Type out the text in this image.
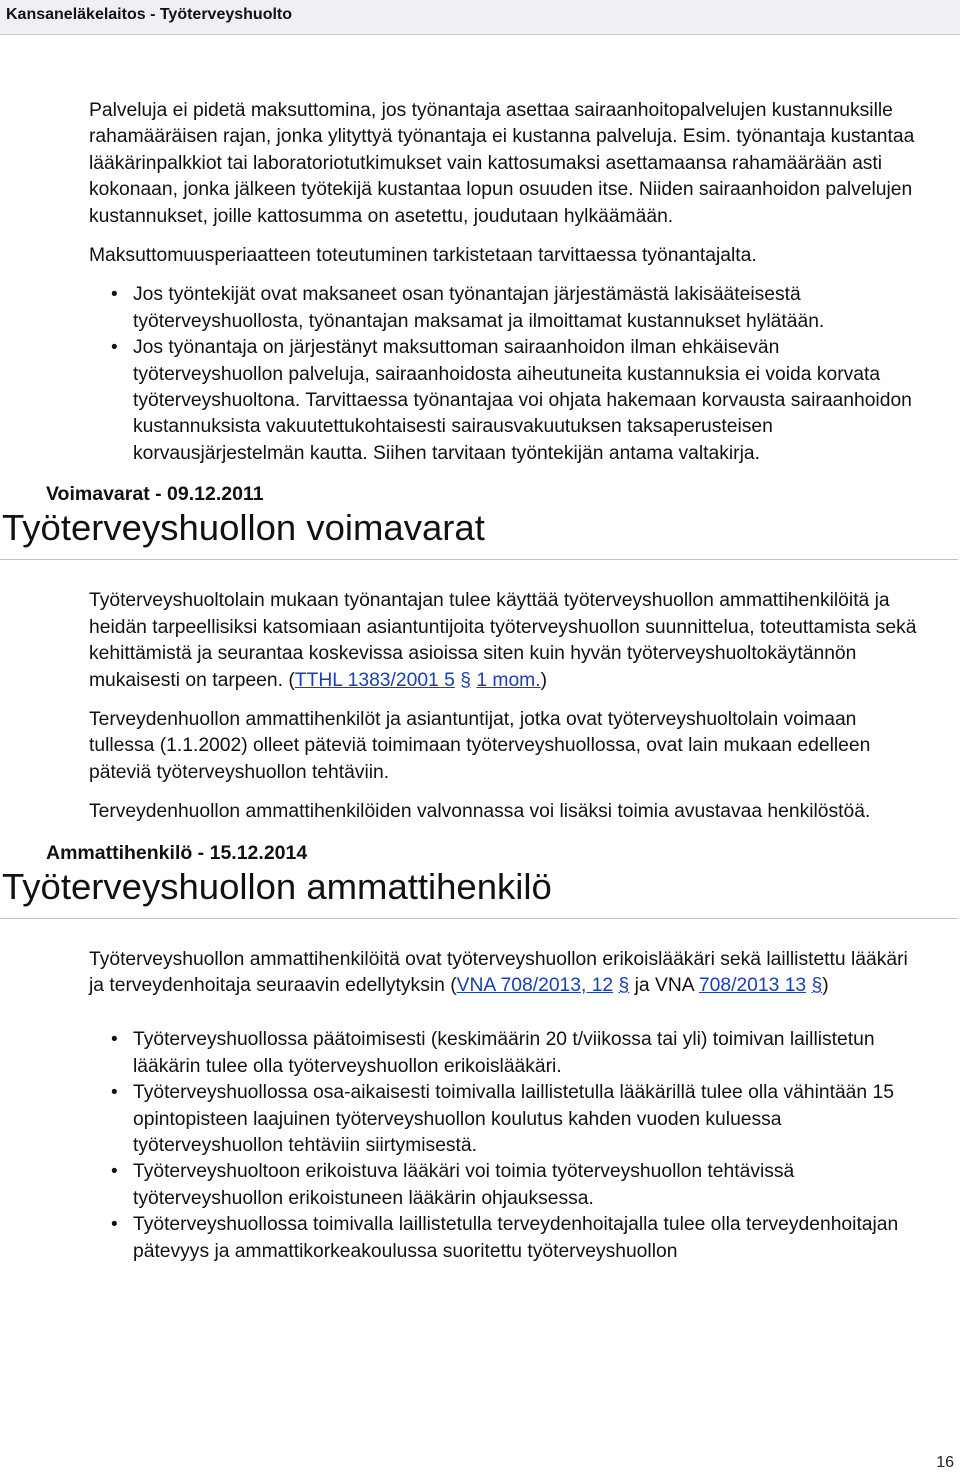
Kansaneläkelaitos - Työterveyshuolto

Palveluja ei pidetä maksuttomina, jos työnantaja asettaa sairaanhoitopalvelujen kustannuksille rahamääräisen rajan, jonka ylityttyä työnantaja ei kustanna palveluja. Esim. työnantaja kustantaa lääkärinpalkkiot tai laboratoriotutkimukset vain kattosumaksi asettamaansa rahamäärään asti kokonaan, jonka jälkeen työtekijä kustantaa lopun osuuden itse. Niiden sairaanhoidon palvelujen kustannukset, joille kattosumma on asetettu, joudutaan hylkäämään.

Maksuttomuusperiaatteen toteutuminen tarkistetaan tarvittaessa työnantajalta.

• Jos työntekijät ovat maksaneet osan työnantajan järjestämästä lakisääteisestä työterveyshuollosta, työnantajan maksamat ja ilmoittamat kustannukset hylätään.
• Jos työnantaja on järjestänyt maksuttoman sairaanhoidon ilman ehkäisevän työterveyshuollon palveluja, sairaanhoidosta aiheutuneita kustannuksia ei voida korvata työterveyshuoltona. Tarvittaessa työnantajaa voi ohjata hakemaan korvausta sairaanhoidon kustannuksista vakuutettukohtaisesti sairausvakuutuksen taksaperusteisen korvausjärjestelmän kautta. Siihen tarvitaan työntekijän antama valtakirja.
Voimavarat - 09.12.2011
Työterveyshuollon voimavarat

Työterveyshuoltolain mukaan työnantajan tulee käyttää työterveyshuollon ammattihenkilöitä ja heidän tarpeellisiksi katsomiaan asiantuntijoita työterveyshuollon suunnittelua, toteuttamista sekä kehittämistä ja seurantaa koskevissa asioissa siten kuin hyvän työterveyshuoltokäytännön mukaisesti on tarpeen. (TTHL 1383/2001 5 § 1 mom.)

Terveydenhuollon ammattihenkilöt ja asiantuntijat, jotka ovat työterveyshuoltolain voimaan tullessa (1.1.2002) olleet päteviä toimimaan työterveyshuollossa, ovat lain mukaan edelleen päteviä työterveyshuollon tehtäviin.

Terveydenhuollon ammattihenkilöiden valvonnassa voi lisäksi toimia avustavaa henkilöstöä.

Ammattihenkilö - 15.12.2014
Työterveyshuollon ammattihenkilö

Työterveyshuollon ammattihenkilöitä ovat työterveyshuollon erikoislääkäri sekä laillistettu lääkäri ja terveydenhoitaja seuraavin edellytyksin (VNA 708/2013, 12 § ja VNA 708/2013 13 §)

• Työterveyshuollossa päätoimisesti (keskimäärin 20 t/viikossa tai yli) toimivan laillistetun lääkärin tulee olla työterveyshuollon erikoislääkäri.
• Työterveyshuollossa osa-aikaisesti toimivalla laillistetulla lääkärillä tulee olla vähintään 15 opintopisteen laajuinen työterveyshuollon koulutus kahden vuoden kuluessa työterveyshuollon tehtäviin siirtymisestä.
• Työterveyshuoltoon erikoistuva lääkäri voi toimia työterveyshuollon tehtävissä työterveyshuollon erikoistuneen lääkärin ohjauksessa.
• Työterveyshuollossa toimivalla laillistetulla terveydenhoitajalla tulee olla terveydenhoitajan pätevyys ja ammattikorkeakoulussa suoritettu työterveyshuollon
16
